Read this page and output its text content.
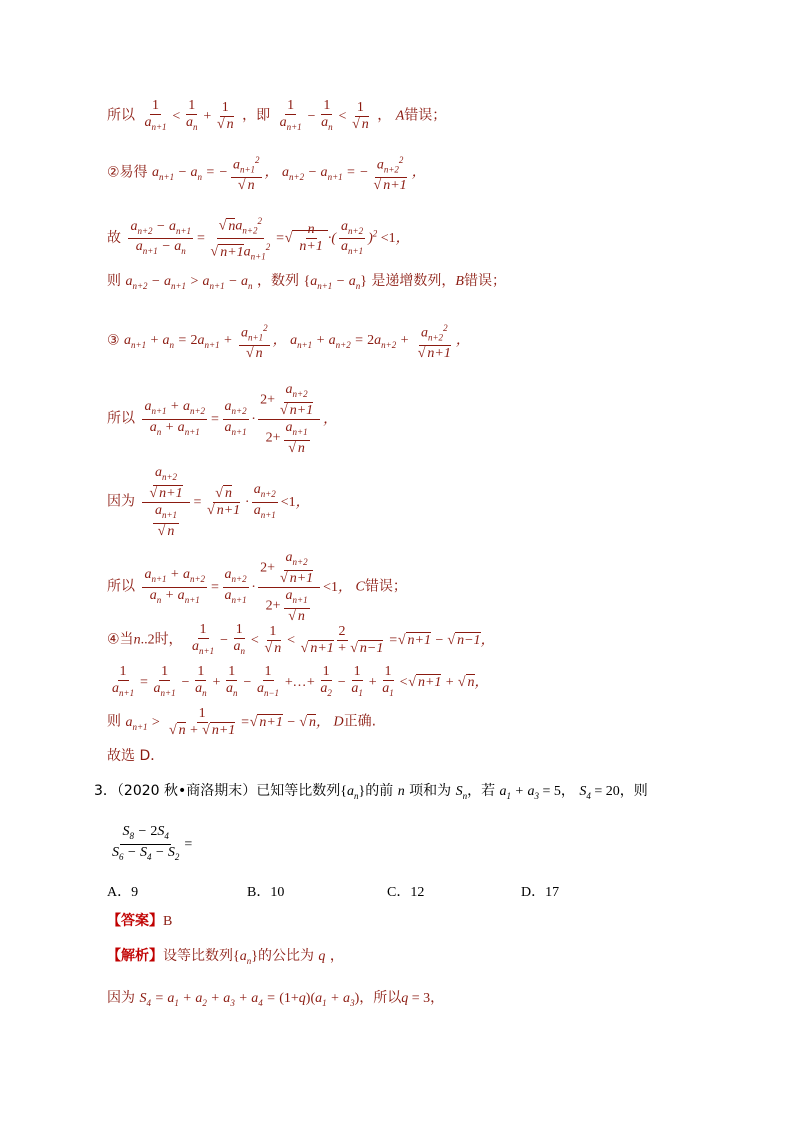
所以 $\frac{1}{a_{n+1}} < \frac{1}{a_n} + \frac{1}{√ n}$ ，即 $\frac{1}{a_{n+1}} - \frac{1}{a_n} < \frac{1}{√ n}$ ， A错误；
②易得 $a_{n+1} - a_n$ = − $\frac{a_{n+1}^2}{√ n}$ ， $a_{n+2} - a_{n+1}$ = − $\frac{a_{n+2}^2}{√ n+1}$ ，
故 $\frac{a_{n+2} - a_{n+1}}{a_{n+1} - a_n} = \frac{√ na_{n+2}^2}{√ n+1a_{n+1}^2}$ =√ $\frac{n}{n+1}$ ·( $\frac{a_{n+2}}{a_{n+1}} )^2 <1$，
则 $a_{n+2} - a_{n+1} > a_{n+1} - a_n$ ，数列 $\{a_{n+1} - a_n\}$ 是递增数列，B错误；
③ $a_{n+1} + a_n = 2a_{n+1} + \frac{a_{n+1}^2}{√ n}$ ， $a_{n+1} + a_{n+2} = 2a_{n+2} + \frac{a_{n+2}^2}{√ n+1}$ ，
所以 $\frac{a_{n+1} + a_{n+2}}{a_n + a_{n+1}} = \frac{a_{n+2}}{a_{n+1}} \cdot \frac{2+ \frac{a_{n+2}}{√ n+1}}{2+ \frac{a_{n+1}}{√ n}}$ ，
因为 $\frac{\frac{a_{n+2}}{√ n+1}}{\frac{a_{n+1}}{√ n}} = \frac{√ n}{√ n+1} \cdot \frac{a_{n+2}}{a_{n+1}} <1$，
所以 $\frac{a_{n+1} + a_{n+2}}{a_n + a_{n+1}} = \frac{a_{n+2}}{a_{n+1}} \cdot \frac{2+ \frac{a_{n+2}}{√ n+1}}{2+ \frac{a_{n+1}}{√ n}} <1$， C错误；
④当n..2时， $\frac{1}{a_{n+1}} - \frac{1}{a_n} < \frac{1}{√ n} < \frac{2}{√ n+1 + √ n-1}$ =√ n+1 − √ n−1，
$\frac{1}{a_{n+1}} = \frac{1}{a_{n+1}} - \frac{1}{a_n} + \frac{1}{a_n} - \frac{1}{a_{n-1}}$ +…+ $\frac{1}{a_2} - \frac{1}{a_1} + \frac{1}{a_1}$ <√ n+1 + √ n，
则 $a_{n+1} > \frac{1}{√ n + √ n+1}$ =√ n+1 − √ n， D正确.
故选 D．
3．（2020 秋•商洛期末）已知等比数列$\{a_n\}$的前 n 项和为 $S_n$，若 $a_1 + a_3 = 5$， $S_4 = 20$，则
$\frac{S_8 - 2S_4}{S_6 - S_4 - S_2}$ =
A．9	B．10	C．12	D．17
【答案】B
【解析】设等比数列$\{a_n\}$的公比为 q ，
因为 $S_4 = a_1 + a_2 + a_3 + a_4 = (1+q)(a_1 + a_3)$，所以q = 3，
